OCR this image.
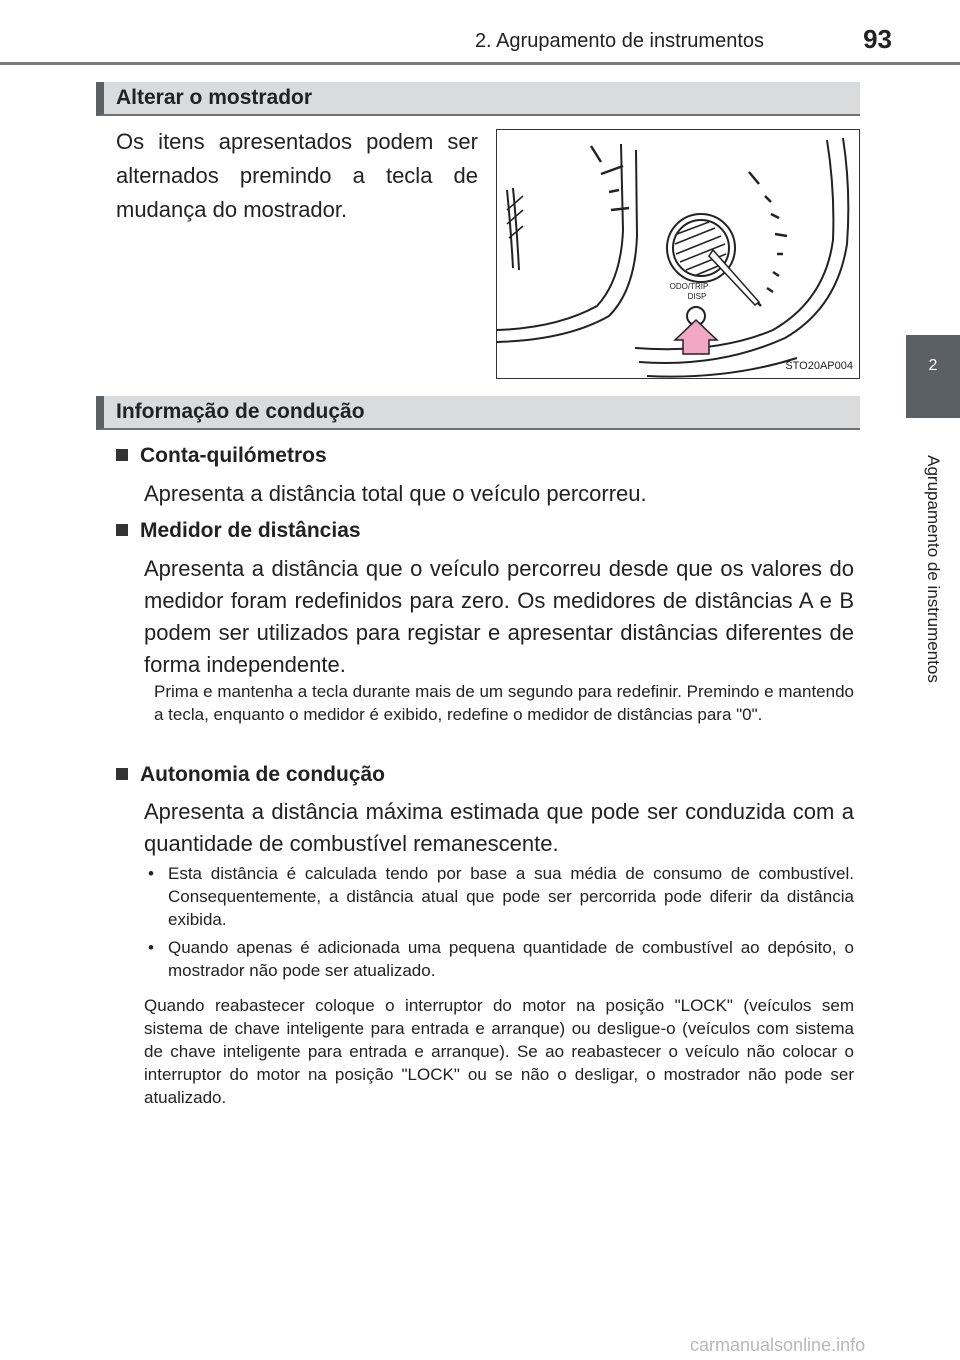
2. Agrupamento de instrumentos	93
2
Agrupamento de instrumentos
Alterar o mostrador
Os itens apresentados podem ser alternados premindo a tecla de mudança do mostrador.
ODO/TRIP
DISP
STO20AP004
Informação de condução
Conta-quilómetros
Apresenta a distância total que o veículo percorreu.
Medidor de distâncias
Apresenta a distância que o veículo percorreu desde que os valores do medidor foram redefinidos para zero. Os medidores de distâncias A e B podem ser utilizados para registar e apresentar distâncias diferentes de forma independente.
Prima e mantenha a tecla durante mais de um segundo para redefinir. Premindo e mantendo a tecla, enquanto o medidor é exibido, redefine o medidor de distâncias para "0".
Autonomia de condução
Apresenta a distância máxima estimada que pode ser conduzida com a quantidade de combustível remanescente.
• Esta distância é calculada tendo por base a sua média de consumo de combustível. Consequentemente, a distância atual que pode ser percorrida pode diferir da distância exibida.
• Quando apenas é adicionada uma pequena quantidade de combustível ao depósito, o mostrador não pode ser atualizado.
Quando reabastecer coloque o interruptor do motor na posição "LOCK" (veículos sem sistema de chave inteligente para entrada e arranque) ou desligue-o (veículos com sistema de chave inteligente para entrada e arranque). Se ao reabastecer o veículo não colocar o interruptor do motor na posição "LOCK" ou se não o desligar, o mostrador não pode ser atualizado.
carmanualsonline.info
